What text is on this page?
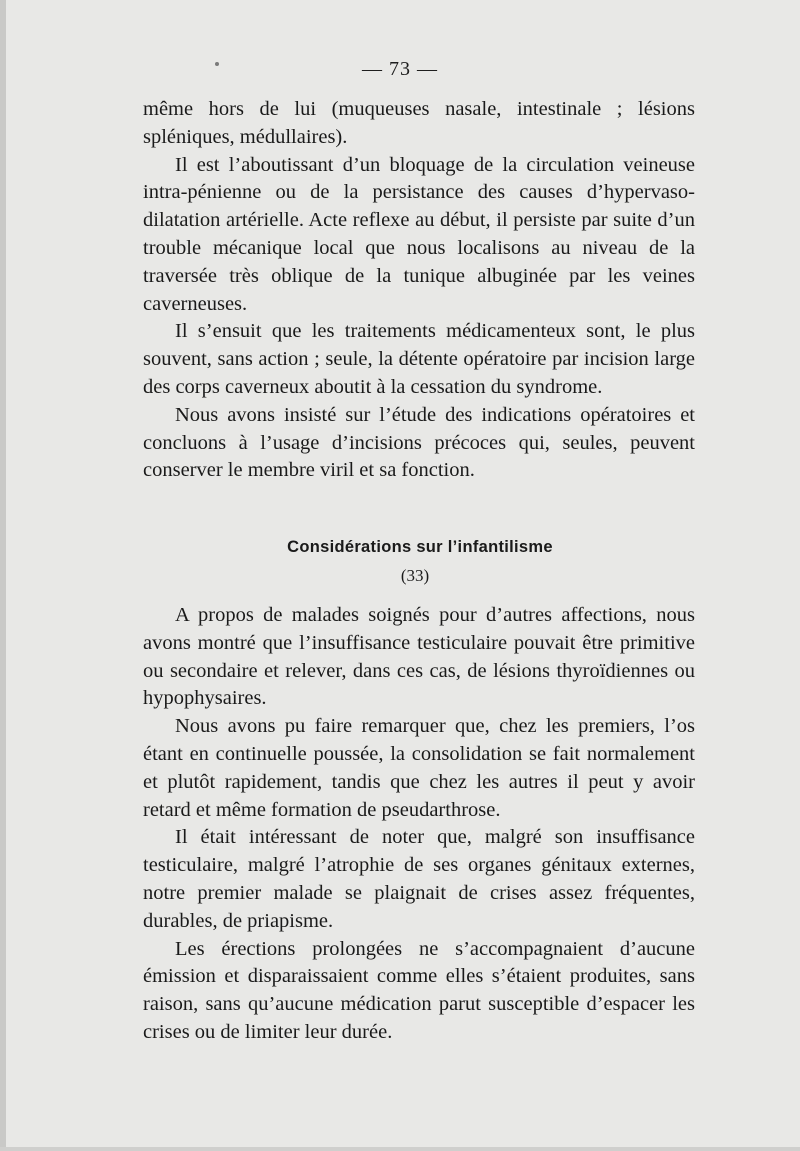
— 73 —

même hors de lui (muqueuses nasale, intestinale ; lésions spléniques, médullaires).

Il est l’aboutissant d’un bloquage de la circulation veineuse intra-pénienne ou de la persistance des causes d’hypervaso-dilatation artérielle. Acte reflexe au début, il persiste par suite d’un trouble mécanique local que nous localisons au niveau de la traversée très oblique de la tunique albuginée par les veines caverneuses.

Il s’ensuit que les traitements médicamenteux sont, le plus souvent, sans action ; seule, la détente opératoire par incision large des corps caverneux aboutit à la cessation du syndrome.

Nous avons insisté sur l’étude des indications opératoires et concluons à l’usage d’incisions précoces qui, seules, peuvent conserver le membre viril et sa fonction.

Considérations sur l’infantilisme
(33)

A propos de malades soignés pour d’autres affections, nous avons montré que l’insuffisance testiculaire pouvait être primitive ou secondaire et relever, dans ces cas, de lésions thyroïdiennes ou hypophysaires.

Nous avons pu faire remarquer que, chez les premiers, l’os étant en continuelle poussée, la consolidation se fait normalement et plutôt rapidement, tandis que chez les autres il peut y avoir retard et même formation de pseudarthrose.

Il était intéressant de noter que, malgré son insuffisance testiculaire, malgré l’atrophie de ses organes génitaux externes, notre premier malade se plaignait de crises assez fréquentes, durables, de priapisme.

Les érections prolongées ne s’accompagnaient d’aucune émission et disparaissaient comme elles s’étaient produites, sans raison, sans qu’aucune médication parut susceptible d’espacer les crises ou de limiter leur durée.
